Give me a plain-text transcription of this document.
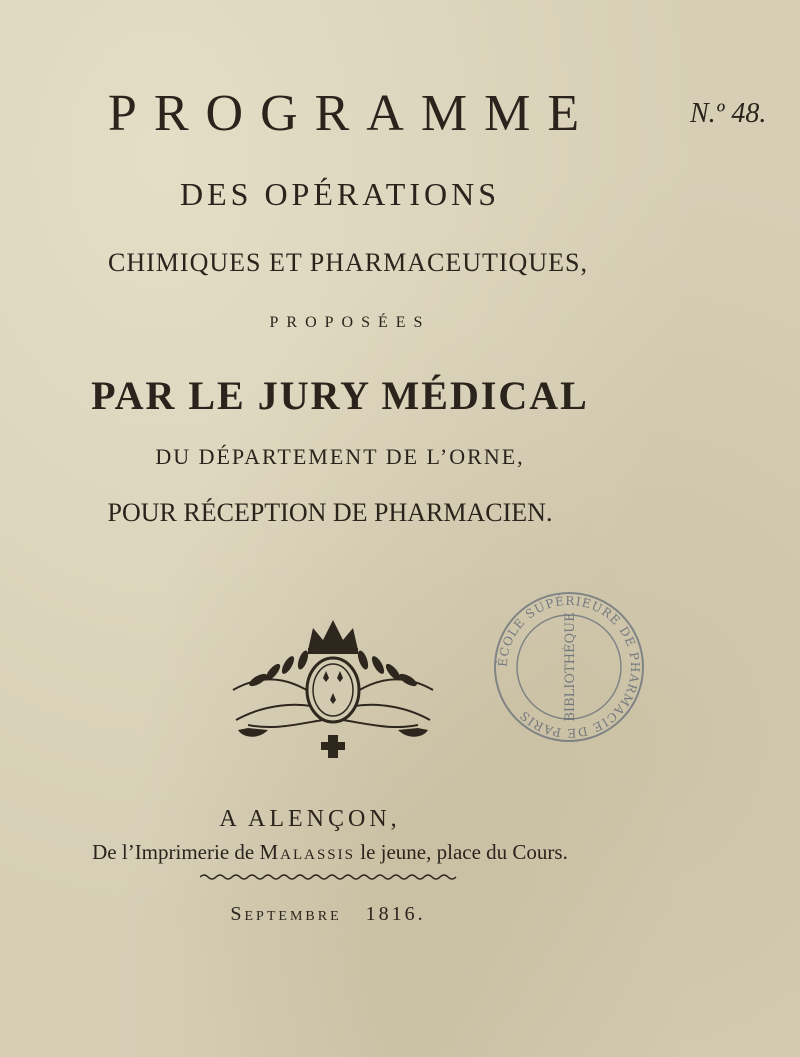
PROGRAMME	N.º 48.
DES OPÉRATIONS
CHIMIQUES ET PHARMACEUTIQUES,
PROPOSÉES
PAR LE JURY MÉDICAL
DU DÉPARTEMENT DE L’ORNE,
POUR RÉCEPTION DE PHARMACIEN.
ÉCOLE SUPÉRIEURE DE PHARMACIE DE PARIS	BIBLIOTHÈQUE
A ALENÇON,
De l’Imprimerie de Malassis le jeune, place du Cours.
Septembre 1816.
